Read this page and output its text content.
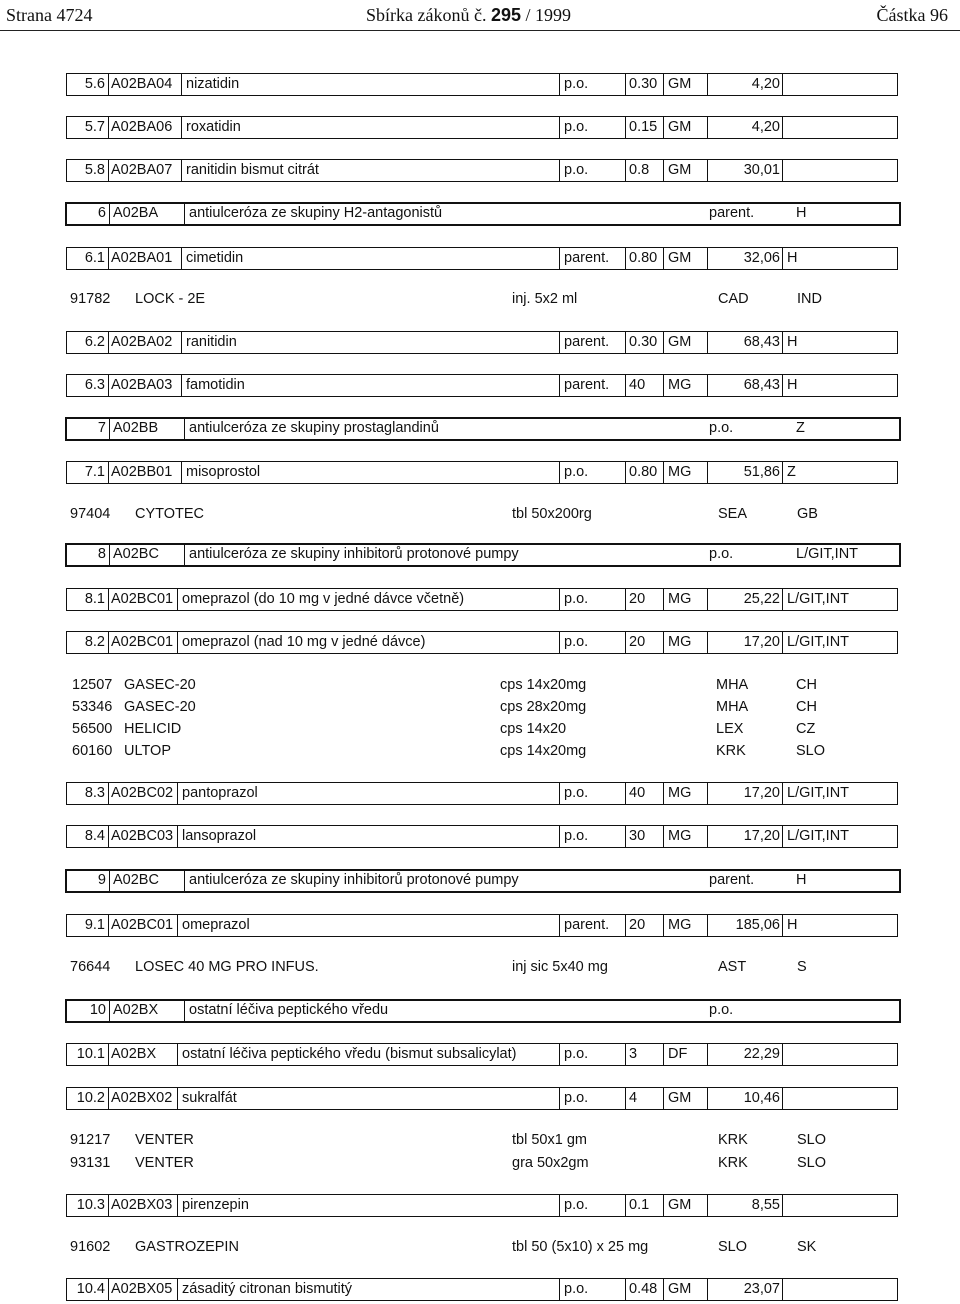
Strana 4724	Sbírka zákonů č. 295 / 1999	Částka 96
5.6 A02BA04 nizatidin	p.o.	0.30 GM	4,20
5.7 A02BA06 roxatidin	p.o.	0.15 GM	4,20
5.8 A02BA07 ranitidin bismut citrát	p.o.	0.8 GM	30,01
6 A02BA antiulceróza ze skupiny H2-antagonistů	parent.	H
6.1 A02BA01 cimetidin	parent. 0.80 GM	32,06 H
91782 LOCK - 2E	inj. 5x2 ml	CAD	IND
6.2 A02BA02 ranitidin	parent. 0.30 GM	68,43 H
6.3 A02BA03 famotidin	parent. 40 MG	68,43 H
7 A02BB antiulceróza ze skupiny prostaglandinů	p.o.	Z
7.1 A02BB01 misoprostol	p.o.	0.80 MG	51,86 Z
97404 CYTOTEC	tbl 50x200rg	SEA	GB
8 A02BC antiulceróza ze skupiny inhibitorů protonové pumpy	p.o.	L/GIT,INT
8.1 A02BC01 omeprazol (do 10 mg v jedné dávce včetně)	p.o.	20 MG	25,22 L/GIT,INT
8.2 A02BC01 omeprazol (nad 10 mg v jedné dávce)	p.o.	20 MG	17,20 L/GIT,INT
12507 GASEC-20	cps 14x20mg	MHA	CH
53346 GASEC-20	cps 28x20mg	MHA	CH
56500 HELICID	cps 14x20	LEX	CZ
60160 ULTOP	cps 14x20mg	KRK	SLO
8.3 A02BC02 pantoprazol	p.o.	40 MG	17,20 L/GIT,INT
8.4 A02BC03 lansoprazol	p.o.	30 MG	17,20 L/GIT,INT
9 A02BC antiulceróza ze skupiny inhibitorů protonové pumpy	parent.	H
9.1 A02BC01 omeprazol	parent. 20 MG	185,06 H
76644 LOSEC 40 MG PRO INFUS.	inj sic 5x40 mg	AST	S
10 A02BX ostatní léčiva peptického vředu	p.o.
10.1 A02BX ostatní léčiva peptického vředu (bismut subsalicylat)	p.o.	3 DF	22,29
10.2 A02BX02 sukralfát	p.o.	4 GM	10,46
91217 VENTER	tbl 50x1 gm	KRK	SLO
93131 VENTER	gra 50x2gm	KRK	SLO
10.3 A02BX03 pirenzepin	p.o.	0.1 GM	8,55
91602 GASTROZEPIN	tbl 50 (5x10) x 25 mg	SLO	SK
10.4 A02BX05 zásaditý citronan bismutitý	p.o.	0.48 GM	23,07
